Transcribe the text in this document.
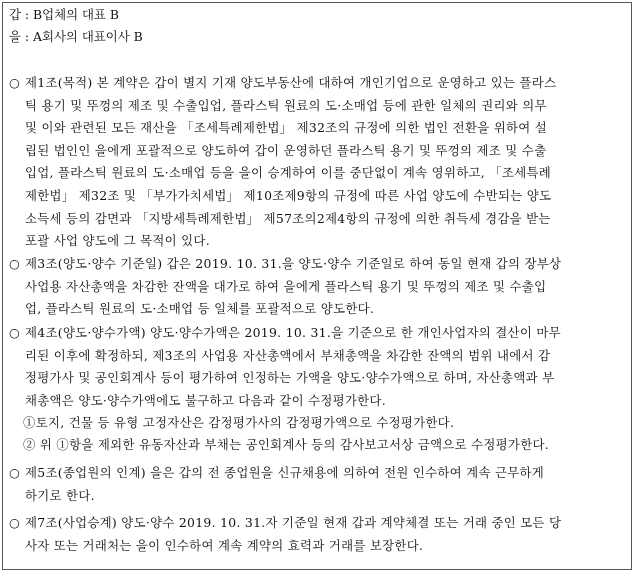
갑 : B업체의 대표 B
을 : A회사의 대표이사 B
○ 제1조(목적) 본 계약은 갑이 별지 기재 양도부동산에 대하여 개인기업으로 운영하고 있는 플라스
틱 용기 및 뚜껑의 제조 및 수출입업, 플라스틱 원료의 도·소매업 등에 관한 일체의 권리와 의무
및 이와 관련된 모든 재산을 「조세특례제한법」 제32조의 규정에 의한 법인 전환을 위하여 설
립된 법인인 을에게 포괄적으로 양도하여 갑이 운영하던 플라스틱 용기 및 뚜껑의 제조 및 수출
입업, 플라스틱 원료의 도·소매업 등을 을이 승계하여 이를 중단없이 계속 영위하고, 「조세특례
제한법」 제32조 및 「부가가치세법」 제10조제9항의 규정에 따른 사업 양도에 수반되는 양도
소득세 등의 감면과 「지방세특례제한법」 제57조의2제4항의 규정에 의한 취득세 경감을 받는
포괄 사업 양도에 그 목적이 있다.
○ 제3조(양도·양수 기준일) 갑은 2019. 10. 31.을 양도·양수 기준일로 하여 동일 현재 갑의 장부상
사업용 자산총액을 차감한 잔액을 대가로 하여 을에게 플라스틱 용기 및 뚜껑의 제조 및 수출입
업, 플라스틱 원료의 도·소매업 등 일체를 포괄적으로 양도한다.
○ 제4조(양도·양수가액) 양도·양수가액은 2019. 10. 31.을 기준으로 한 개인사업자의 결산이 마무
리된 이후에 확정하되, 제3조의 사업용 자산총액에서 부채총액을 차감한 잔액의 범위 내에서 감
정평가사 및 공인회계사 등이 평가하여 인정하는 가액을 양도·양수가액으로 하며, 자산총액과 부
채총액은 양도·양수가액에도 불구하고 다음과 같이 수정평가한다.
①토지, 건물 등 유형 고정자산은 감정평가사의 감정평가액으로 수정평가한다.
② 위 ①항을 제외한 유동자산과 부채는 공인회계사 등의 감사보고서상 금액으로 수정평가한다.
○ 제5조(종업원의 인계) 을은 갑의 전 종업원을 신규채용에 의하여 전원 인수하여 계속 근무하게
하기로 한다.
○ 제7조(사업승계) 양도·양수 2019. 10. 31.자 기준일 현재 갑과 계약체결 또는 거래 중인 모든 당
사자 또는 거래처는 을이 인수하여 계속 계약의 효력과 거래를 보장한다.
